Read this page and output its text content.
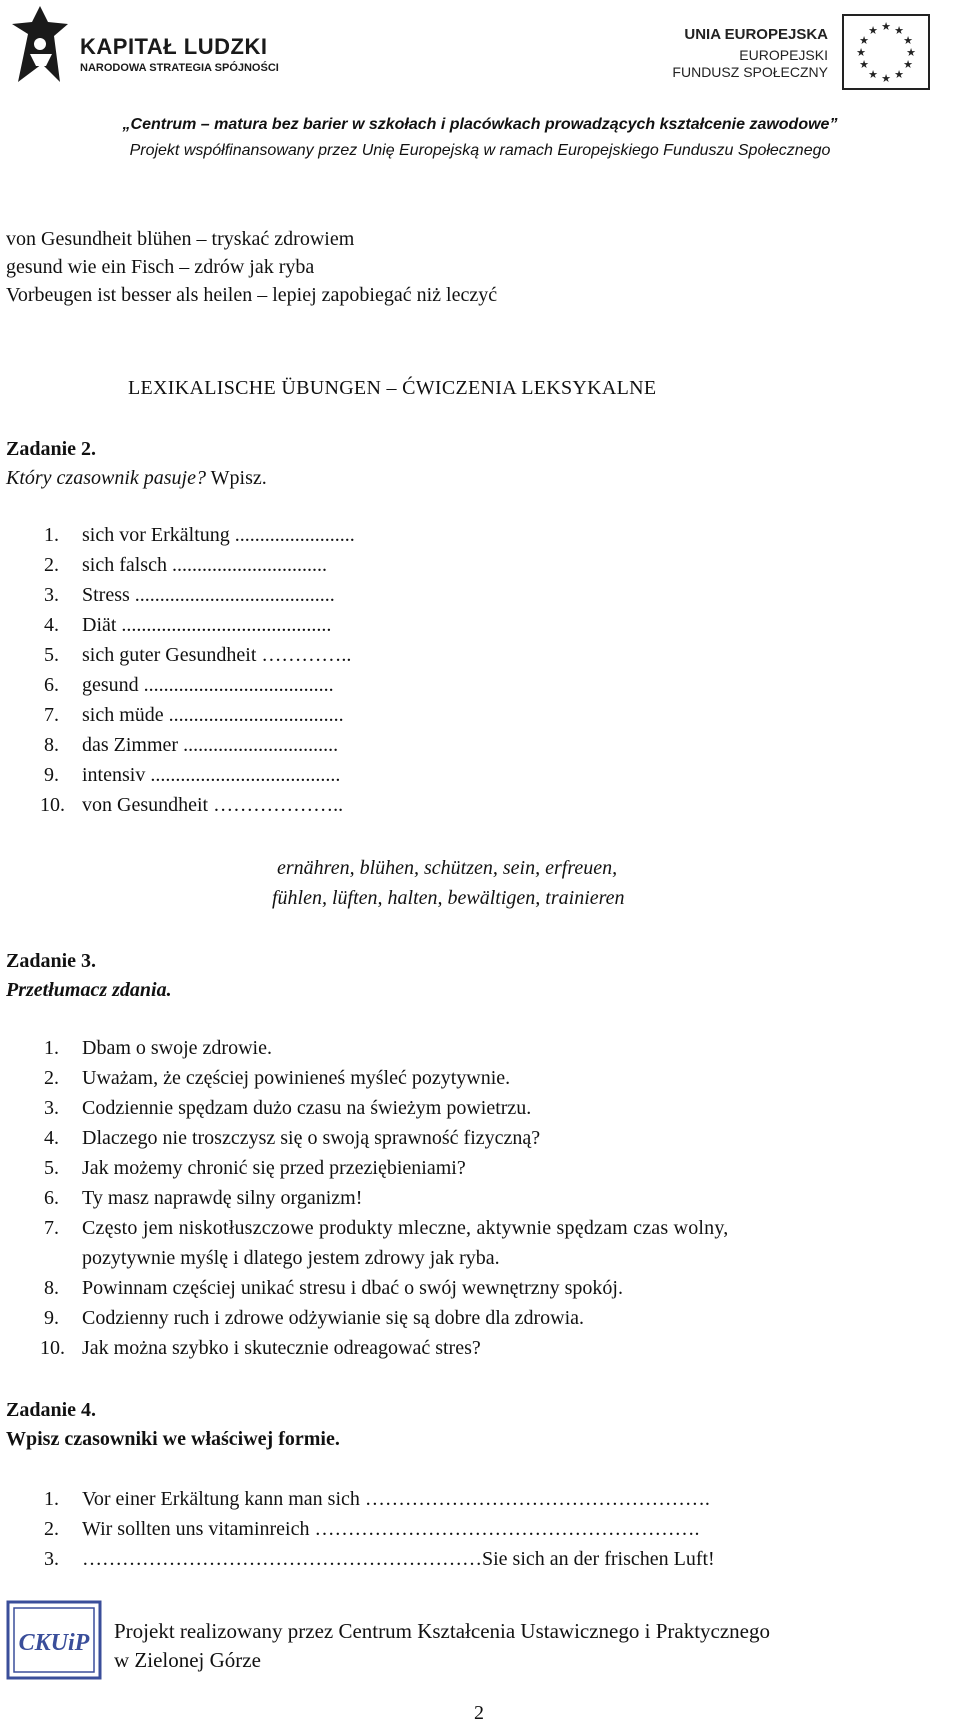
KAPITAŁ LUDZKI
NARODOWA STRATEGIA SPÓJNOŚCI
UNIA EUROPEJSKA
EUROPEJSKI
FUNDUSZ SPOŁECZNY
★ ★
★
★
★
★
★
★
★
★
★
★
„Centrum – matura bez barier w szkołach i placówkach prowadzących kształcenie zawodowe”
Projekt współfinansowany przez Unię Europejską w ramach Europejskiego Funduszu Społecznego
von Gesundheit blühen – tryskać zdrowiem
gesund wie ein Fisch – zdrów jak ryba
Vorbeugen ist besser als heilen – lepiej zapobiegać niż leczyć
LEXIKALISCHE ÜBUNGEN – ĆWICZENIA LEKSYKALNE
Zadanie 2.
Który czasownik pasuje? Wpisz.
1. sich vor Erkältung ........................
2. sich falsch ...............................
3. Stress ........................................
4. Diät ..........................................
5. sich guter Gesundheit …………..
6. gesund ......................................
7. sich müde ...................................
8. das Zimmer ...............................
9. intensiv ......................................
10. von Gesundheit ………………..
ernähren, blühen, schützen, sein, erfreuen,
fühlen, lüften, halten, bewältigen, trainieren
Zadanie 3.
Przetłumacz zdania.
1. Dbam o swoje zdrowie.
2. Uważam, że częściej powinieneś myśleć pozytywnie.
3. Codziennie spędzam dużo czasu na świeżym powietrzu.
4. Dlaczego nie troszczysz się o swoją sprawność fizyczną?
5. Jak możemy chronić się przed przeziębieniami?
6. Ty masz naprawdę silny organizm!
7. Często jem niskotłuszczowe produkty mleczne, aktywnie spędzam czas wolny,
pozytywnie myślę i dlatego jestem zdrowy jak ryba.
8. Powinnam częściej unikać stresu i dbać o swój wewnętrzny spokój.
9. Codzienny ruch i zdrowe odżywianie się są dobre dla zdrowia.
10. Jak można szybko i skutecznie odreagować stres?
Zadanie 4.
Wpisz czasowniki we właściwej formie.
1. Vor einer Erkältung kann man sich …………………………………………….
2. Wir sollten uns vitaminreich ………………………………………………….
3. ……………………………………………………Sie sich an der frischen Luft!
CKUiP Projekt realizowany przez Centrum Kształcenia Ustawicznego i Praktycznego
w Zielonej Górze
2
